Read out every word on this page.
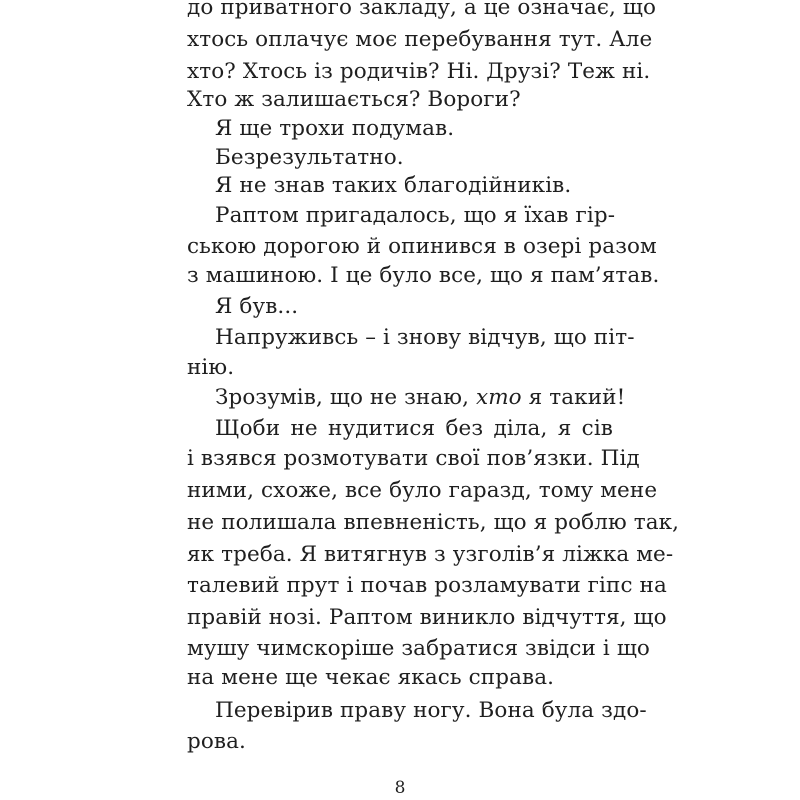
до приватного закладу, а це означає, що
хтось оплачує моє перебування тут. Але
хто? Хтось із родичів? Ні. Друзі? Теж ні.
Хто ж залишається? Вороги?
Я ще трохи подумав.
Безрезультатно.
Я не знав таких благодійників.
Раптом пригадалось, що я їхав гір-
ською дорогою й опинився в озері разом
з машиною. І це було все, що я пам’ятав.
Я був...
Напруживсь – і знову відчув, що піт-
нію.
Зрозумів, що не знаю, хто я такий!
Щоби не нудитися без діла, я сів
і взявся розмотувати свої пов’язки. Під
ними, схоже, все було гаразд, тому мене
не полишала впевненість, що я роблю так,
як треба. Я витягнув з узголів’я ліжка ме-
талевий прут і почав розламувати гіпс на
правій нозі. Раптом виникло відчуття, що
мушу чимскоріше забратися звідси і що
на мене ще чекає якась справа.
Перевірив праву ногу. Вона була здо-
рова.
8
